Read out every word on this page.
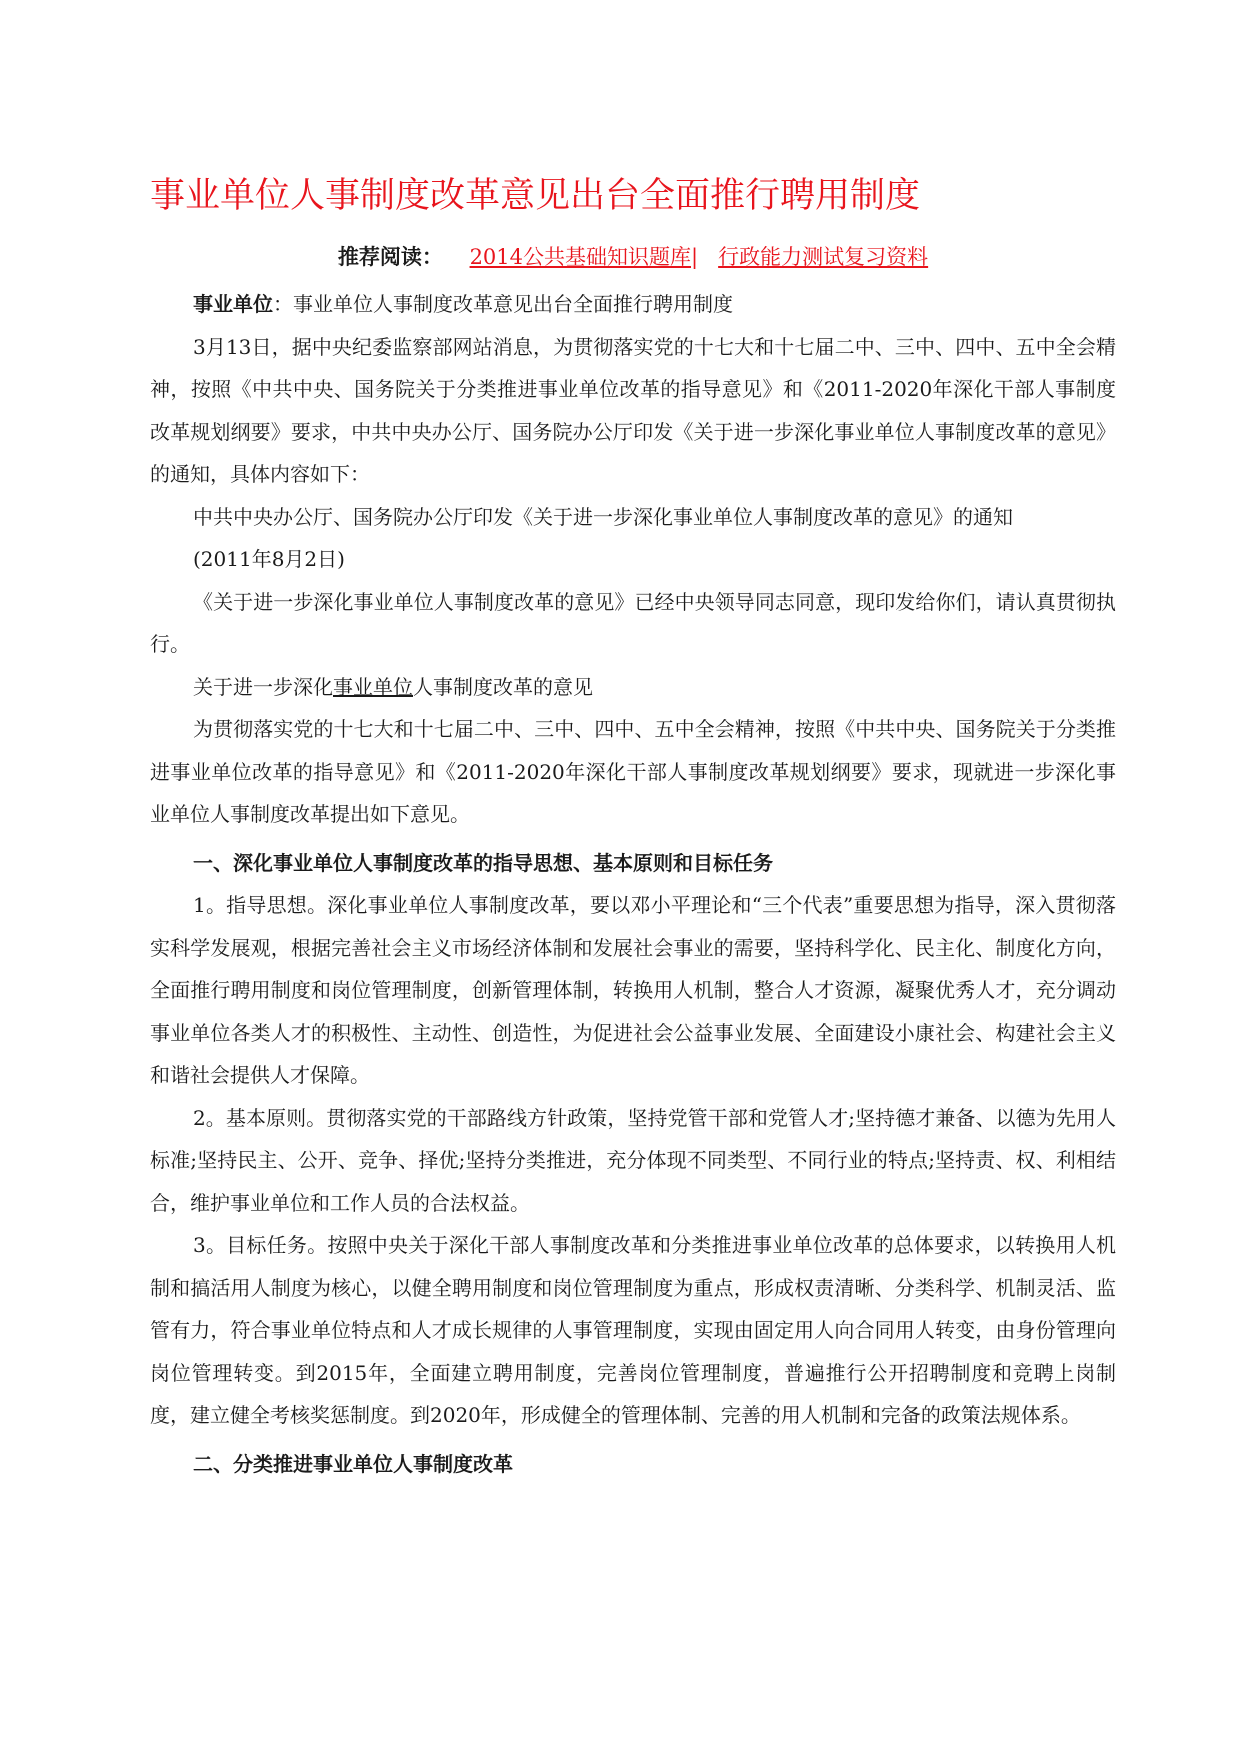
事业单位人事制度改革意见出台全面推行聘用制度
推荐阅读： 2014公共基础知识题库| 行政能力测试复习资料

事业单位：事业单位人事制度改革意见出台全面推行聘用制度

3月13日，据中央纪委监察部网站消息，为贯彻落实党的十七大和十七届二中、三中、四中、五中全会精神，按照《中共中央、国务院关于分类推进事业单位改革的指导意见》和《2011-2020年深化干部人事制度改革规划纲要》要求，中共中央办公厅、国务院办公厅印发《关于进一步深化事业单位人事制度改革的意见》的通知，具体内容如下：

中共中央办公厅、国务院办公厅印发《关于进一步深化事业单位人事制度改革的意见》的通知

(2011年8月2日)

《关于进一步深化事业单位人事制度改革的意见》已经中央领导同志同意，现印发给你们，请认真贯彻执行。

关于进一步深化事业单位人事制度改革的意见

为贯彻落实党的十七大和十七届二中、三中、四中、五中全会精神，按照《中共中央、国务院关于分类推进事业单位改革的指导意见》和《2011-2020年深化干部人事制度改革规划纲要》要求，现就进一步深化事业单位人事制度改革提出如下意见。

一、深化事业单位人事制度改革的指导思想、基本原则和目标任务

1。指导思想。深化事业单位人事制度改革，要以邓小平理论和“三个代表”重要思想为指导，深入贯彻落实科学发展观，根据完善社会主义市场经济体制和发展社会事业的需要，坚持科学化、民主化、制度化方向，全面推行聘用制度和岗位管理制度，创新管理体制，转换用人机制，整合人才资源，凝聚优秀人才，充分调动事业单位各类人才的积极性、主动性、创造性，为促进社会公益事业发展、全面建设小康社会、构建社会主义和谐社会提供人才保障。

2。基本原则。贯彻落实党的干部路线方针政策，坚持党管干部和党管人才;坚持德才兼备、以德为先用人标准;坚持民主、公开、竞争、择优;坚持分类推进，充分体现不同类型、不同行业的特点;坚持责、权、利相结合，维护事业单位和工作人员的合法权益。

3。目标任务。按照中央关于深化干部人事制度改革和分类推进事业单位改革的总体要求，以转换用人机制和搞活用人制度为核心，以健全聘用制度和岗位管理制度为重点，形成权责清晰、分类科学、机制灵活、监管有力，符合事业单位特点和人才成长规律的人事管理制度，实现由固定用人向合同用人转变，由身份管理向岗位管理转变。到2015年，全面建立聘用制度，完善岗位管理制度，普遍推行公开招聘制度和竞聘上岗制度，建立健全考核奖惩制度。到2020年，形成健全的管理体制、完善的用人机制和完备的政策法规体系。

二、分类推进事业单位人事制度改革
